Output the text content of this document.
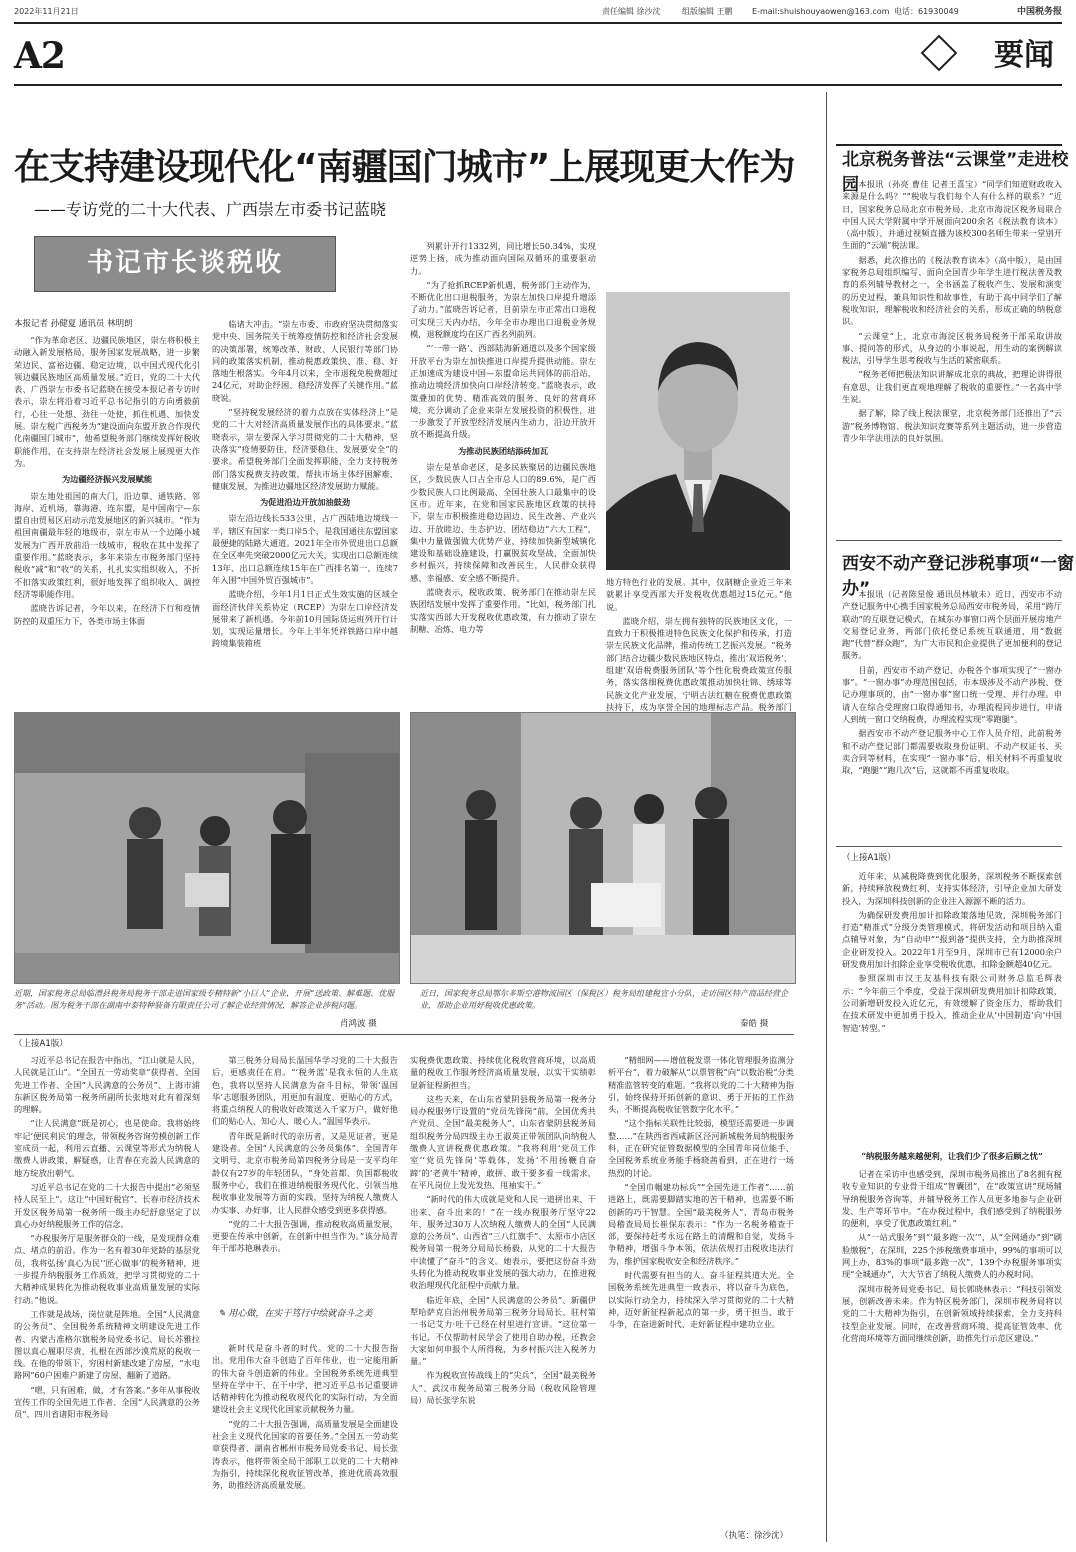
2022年11月21日	责任编辑 徐沙沈	组版编辑 王鹏 E-mail:shuishouyaowen@163.com 电话：61930049	中国税务报
A2	要闻
在支持建设现代化“南疆国门城市”上展现更大作为
——专访党的二十大代表、广西崇左市委书记蓝晓
书记市长谈税收
本报记者 孙健夏 通讯员 林明朗

“作为革命老区、边疆民族地区，崇左将积极主动融入新发展格局，服务国家发展战略，进一步繁荣边民、富裕边疆、稳定边境，以中国式现代化引领边疆民族地区高质量发展。”近日，党的二十大代表、广西崇左市委书记蓝晓在接受本报记者专访时表示，崇左将沿着习近平总书记指引的方向勇毅前行，心往一处想、劲往一处使，抓住机遇、加快发展。崇左税广西税务为“建设面向东盟开放合作现代化南疆国门城市”，他希望税务部门继续发挥好税收职能作用，在支持崇左经济社会发展上展现更大作为。

为边疆经济振兴发展赋能

崇左地处祖国的南大门，沿边靠、通铁路、邻海岸、近机场，靠海港、连东盟，是中国南宁—东盟自由贸易区启动示范发展地区的新兴城市。“作为祖国南疆最年轻的地级市，崇左市从一个边陲小城发展为广西开放前沿一线城市，税收在其中发挥了重要作用。”蓝晓表示，多年来崇左市税务部门坚持税收“减”和“收”的关系，扎扎实实组织收入，不折不扣落实政策红利，很好地发挥了组织收入、调控经济等职能作用。

蓝晓告诉记者，今年以来，在经济下行和疫情防控的双重压力下，各类市场主体面

临诸大冲击。“崇左市委、市政府坚决贯彻落实党中央、国务院关于统筹疫情防控和经济社会发展的决策部署，统筹改革、财政、人民银行等部门协同的政策落实机制，推动税惠政策快、准、稳、好落地生根落实。今年4月以来，全市退税免税费超过24亿元，对助企纾困、稳经济发挥了关键作用。”蓝晓说。

“坚持税发展经济的着力点放在实体经济上”是党的二十大对经济高质量发展作出的具体要求。”蓝晓表示，崇左要深入学习贯彻党的二十大精神，坚决落实“疫情要防住、经济要稳住、发展要安全”的要求。希望税务部门全面发挥职能，全力支持税务部门落实税费支持政策，帮扶市场主体纾困解难、健康发展，为推进边疆地区经济发展助力赋能。

为促进沿边开放加油鼓劲

崇左沿边线长533公里，占广西陆地边境线一半，辖区有国家一类口岸5个，是我国通往东盟国家最便捷的陆路大通道。2021年全市外贸进出口总额在全区率先突破2000亿元大关，实现出口总额连续13年、出口总额连续15年在广西排名第一，连续7年入围“中国外贸百强城市”。

蓝晓介绍，今年1月1日正式生效实施的区域全面经济伙伴关系协定（RCEP）为崇左口岸经济发展带来了新机遇。今年前10月国际货运班列开行计划，实现运量增长。今年上半年凭祥铁路口岸中越跨境集装箱班

列累计开行1332列，同比增长50.34%，实现逆势上扬，成为推动面向国际双循环的重要驱动力。

“为了抢抓RCEP新机遇，税务部门主动作为，不断优化出口退税服务，为崇左加快口岸提升增添了动力。”蓝晓告诉记者，目前崇左市正常出口退税可实现三天内办结，今年全市办理出口退税业务规模，退税额度均在区广西名列前列。

“‘一带一路’、西部陆海新通道以及多个国家级开放平台为崇左加快推进口岸提升提供动能。崇左正加速成为建设中国—东盟命运共同体的前沿站，推动边境经济加快向口岸经济转变。”蓝晓表示，政策叠加的优势、精准高效的服务、良好的营商环境，充分调动了企业来崇左发展投资的积极性，进一步激发了开放型经济发展内生动力，沿边开放开放不断提高升级。

为推动民族团结添砖加瓦

崇左是革命老区，是多民族聚居的边疆民族地区，少数民族人口占全市总人口的89.6%，是广西少数民族人口比例最高、全国壮族人口最集中的设区市。近年来，在党和国家民族地区政策的扶持下，崇左市积极推进稳边固边、民生改善、产业兴边、开放睦边、生态护边、团结稳边“六大工程”，集中力量做强做大优势产业，持续加快新型城镇化建设和基础设施建设，打赢脱贫攻坚战，全面加快乡村振兴，持续保障和改善民生，人民群众获得感、幸福感、安全感不断提升。

蓝晓表示，税收政策、税务部门在推动崇左民族团结发展中发挥了重要作用。“比如，税务部门扎实落实西部大开发税收优惠政策，有力推动了崇左制糖、冶炼、电力等

地方特色行业的发展。其中，仅制糖企业近三年来就累计享受西部大开发税收优惠超过15亿元。”他说。

蓝晓介绍，崇左拥有独特的民族地区文化，一直致力于积极推进特色民族文化保护和传承，打造崇左民族文化品牌，推动传统工艺振兴发展。“税务部门结合边疆少数民族地区特点，推出‘双语税务’、组建‘双语税费服务团队’等个性化税费政策宣传服务，落实落细税费优惠政策推动加快壮锦、绣球等民族文化产业发展，宁明古法红糖在税费优惠政策扶持下，成为享誉全国的地理标志产品。税务部门

近期，国家税务总局临澧县税务局税务干部走进国家级专精特新“小巨人”企业，开展“送政策、解难题、优服务”活动。图为税务干部在湖南中泰特种装备有限责任公司了解企业经营情况，解答企业涉税问题。
肖鸿波 摄
近日，国家税务总局鄂尔多斯空港物流园区（保税区）税务局组建税宣小分队，走访园区特产商品经营企业，帮助企业用好税收优惠政策。
秦皓 摄
（上接A1版）

习近平总书记在报告中指出，“江山就是人民，人民就是江山”。“全国五一劳动奖章”获得者、全国先进工作者、全国“人民满意的公务员”、上海市浦东新区税务局第一税务所副所长张地对此有着深刻的理解。

“让人民满意”既是初心，也是使命。我将始终牢记‘便民利民’的理念，带领税务咨询劳模创新工作室成员一起，利用云直播、云课堂等形式为纳税人缴费人讲政策、解疑惑，让青春在充盈人民满意的地方绽放出朝气。

习近平总书记在党的二十大报告中提出“必须坚持人民至上”。这让“中国好税官”、长春市经济技术开发区税务局第一税务所一级主办纪舒意坚定了以真心办好纳税服务工作的信念。

“办税服务厅是服务群众的一线，是发现群众难点、堵点的前沿。作为一名有着30年党龄的基层党员，我将弘扬‘真心为民’‘匠心做事’的税务精神，进一步提升纳税服务工作质效，把学习贯彻党的二十大精神成果转化为推动税收事业高质量发展的实际行动。”他说。

工作就是战场，岗位就是阵地。全国“人民满意的公务员”、全国税务系统精神文明建设先进工作者、内蒙古准格尔旗税务局党委书记、局长苏雅拉图以真心履职尽责，扎根在西部沙漠荒原的税收一线。在他的带领下，穷困村新建改建了房屋，“水电路网”60户困难户新建了房屋、翻新了道路。

“嗯，只有困难，做，才有答案。”多年从事税收宣传工作的全国先进工作者、全国“人民满意的公务员”、四川省诸阳市税务局

第三税务分局局长温国华学习党的二十大报告后，更感责任在肩。“‘税务蓝’是我永恒的人生底色，我将以坚持人民满意为奋斗目标，带领‘温国华’志愿服务团队，用更加有温度、更贴心的方式，将重点纳税人的税收好政策送入千家万户，做好他们的贴心人、知心人、暖心人。”温国华表示。

青年既是新时代的亲历者，又是见证者，更是建设者。全国“人民满意的公务员集体”、全国青年文明号、北京市税务局第四税务分局是一支平均年龄仅有27岁的年轻团队，“身处首都、负国都税收服务中心，我们在推进纳税服务现代化、引领当地税收事业发展等方面的实践，坚持为纳税人缴费人办实事、办好事，让人民群众感受到更多获得感。

“党的二十大报告强调，推动税收高质量发展，更要在传承中创新，在创新中担当作为。”该分局青年干部苏艳琳表示。

✎ 用心做，在实干笃行中绘就奋斗之美

新时代是奋斗者的时代。党的二十大报告指出，党用伟大奋斗创造了百年伟业，也一定能用新的伟大奋斗创造新的伟业。全国税务系统先进典型坚持在学中干、在干中学，把习近平总书记重要讲话精神转化为推动税收现代化的实际行动，为全面建设社会主义现代化国家贡献税务力量。

“党的二十大报告强调，高质量发展是全面建设社会主义现代化国家的首要任务。”全国五一劳动奖章获得者、湖南省郴州市税务局党委书记、局长张涛表示，他将带领全局干部职工以党的二十大精神为指引，持续深化税收征管改革，推进优质高效服务，助推经济高质量发展。

实税费优惠政策、持续优化税收营商环境，以高质量的税收工作服务经济高质量发展，以实干实绩彰显新征程新担当。

这些天来，在山东省蒙阴县税务局第一税务分局办税服务厅设置的“党员先锋岗”前，全国优秀共产党员、全国“最美税务人”、山东省蒙阴县税务局组织税务分局四级主办王淑英正带领团队向纳税人缴费人宣讲税费优惠政策。“我将利用‘党员工作室’‘党员先锋岗’等载体，发扬‘不用扬鞭自奋蹄’的‘老黄牛’精神，敢拼、敢干要多看一线需求，在平凡岗位上发光发热、甩袖实干。”

“新时代的伟大成就是党和人民一道拼出来、干出来、奋斗出来的！”在一线办税服务厅坚守22年、服务过30万人次纳税人缴费人的全国“人民满意的公务员”、山西省“三八红旗手”、太原市小店区税务局第一税务分局局长杨毅，从党的二十大报告中读懂了“奋斗”的含义。她表示，要把这份奋斗劲头转化为推动税收事业发展的强大动力，在推进税收治理现代化征程中贡献力量。

临近年底，全国“人民满意的公务员”、新疆伊犁哈萨克自治州税务局第三税务分局局长、驻村第一书记艾力·吐干已经在村里进行宣讲。“这位第一书记，不仅帮助村民学会了使用自助办税，还教会大家如何申报个人所得税，为乡村振兴注入税务力量。”

作为税收宣传战线上的“尖兵”，全国“最美税务人”、武汉市税务局第三税务分局（税收风险管理局）局长张学东说

“精细网——增值税发票一体化管理服务监测分析平台”，着力破解从“以票管税”向“以数治税”分类精准监管转变的难题。“我将以党的二十大精神为指引，始终保持开拓创新的意识、勇于开拓的工作劲头，不断提高税收征管数字化水平。”

“这个指标关联性比较弱，模型还需要进一步调整……”在陕西省西咸新区泾河新城税务局纳税服务科，正在研究征管数据模型的全国青年岗位能手、全国税务系统业务能手杨晓茜看到，正在进行一场热烈的讨论。

“全国巾帼建功标兵”“全国先进工作者”……前进路上，既需要脚踏实地的苦干精神，也需要不断创新的巧干智慧。全国“最美税务人”、青岛市税务局稽查局局长崔保东表示：“作为一名税务稽查干部，要保持赶考永远在路上的清醒和自觉，发扬斗争精神，增强斗争本领，依法依规打击税收违法行为，维护国家税收安全和经济秩序。”

时代需要有担当的人。奋斗征程其道大光。全国税务系统先进典型一致表示，将以奋斗为底色，以实际行动全力，持续深入学习贯彻党的二十大精神，迈好新征程新起点的第一步，勇于担当、敢于斗争，在奋进新时代、走好新征程中建功立业。

（执笔：徐沙沈）
北京税务普法“云课堂”走进校园 本报讯（孙亮 曹佳 记者王喜宝）“同学们知道财政收入来源是什么吗？”“税收与我们每个人有什么样的联系？”近日，国家税务总局北京市税务局、北京市海淀区税务局联合中国人民大学附属中学开展面向200余名《税法教育读本》（高中版），并通过视频直播为该校300名师生带来一堂别开生面的“云端”税法课。

据悉，此次推出的《税法教育读本》（高中版），是由国家税务总局组织编写、面向全国青少年学生进行税法普及教育的系列辅导教材之一，全书涵盖了税收产生、发展和演变的历史过程，兼具知识性和故事性，有助于高中同学们了解税收知识，理解税收和经济社会的关系，形成正确的纳税意识。

“云课堂”上，北京市海淀区税务局税务干部采取讲故事、提问答的形式，从身边的小事说起，用生动的案例解读税法，引导学生思考税收与生活的紧密联系。

“税务老师把税法知识讲解成北京的典故，把理论讲得很有意思，让我们更直观地理解了税收的重要性。”一名高中学生说。

据了解，除了线上税法课堂，北京税务部门还推出了“云游”税务博物馆、税法知识竞赛等系列主题活动，进一步营造青少年学法用法的良好氛围。

西安不动产登记涉税事项“一窗办”

本报讯（记者陈星俊 通讯员林敏未）近日，西安市不动产登记服务中心携手国家税务总局西安市税务局，采用“跨厅联动”的互联登记模式，在城东办事窗口两个层面开展房地产交易登记业务，两部门依托登记系统互联通道，用“数据跑”代替“群众跑”，为广大市民和企业提供了更加便利的登记服务。

目前，西安市不动产登记、办税各个事项实现了“一窗办事”。“一窗办事”办理范围包括，市本级涉及不动产涉税、登记办理事项的，由“一窗办事”窗口统一受理、并行办理。申请人在综合受理窗口取得通知书，办理流程同步进行，申请人到统一窗口交纳税费，办理流程实现“零跑腿”。

据西安市不动产登记服务中心工作人员介绍，此前税务和不动产登记部门都需要收取身份证明、不动产权证书、买卖合同等材料，在实现“一窗办事”后，相关材料不再重复收取，“跑腿”“跑几次”后，这就都不再重复收取。

（上接A1版）

近年来，从减税降费到优化服务，深圳税务不断探索创新，持续释放税费红利、支持实体经济，引导企业加大研发投入，为深圳科技创新的企业注入源源不断的活力。

为确保研发费用加计扣除政策落地见效，深圳税务部门打造“精准式”分级分类管理模式，将研发活动和项目纳入重点辅导对象，为“自动申”“报到备”提供支持，全力助推深圳企业研发投入。2022年1月至9月，深圳市已有12000余户研发费用加计扣除企业享受税收优惠，扣除金额超40亿元。

参照深圳市汉王友基科技有限公司财务总监毛辉表示：“今年前三个季度，受益于深圳研发费用加计扣除政策，公司新增研发投入近亿元，有效缓解了资金压力，帮助我们在技术研发中更加勇于投入，推动企业从‘中国制造’向‘中国智造’转型。”

“纳税服务越来越便利，让我们少了很多后顾之忧”

记者在采访中也感受到，深圳市税务局推出了8名拥有税收专业知识的专业骨干组成“智囊团”，在“政策宣讲”现场辅导纳税服务咨询等，并辅导税务工作人员更多地参与企业研发、生产等环节中。“在办税过程中，我们感受到了纳税服务的便利，享受了优惠政策红利。”

从“一站式服务”到“‘最多跑一次’”，从“全网通办”到“刷脸缴税”，在深圳，225个涉税缴费事项中，99%的事项可以网上办，83%的事项“最多跑一次”，139个办税服务事项实现“全城通办”，大大节省了纳税人缴费人的办税时间。

深圳市税务局党委书记、局长郭晓林表示：“科技引领发展，创新改善未来。作为特区税务部门，深圳市税务局将以党的二十大精神为指引，在创新领域持续探索，全力支持科技型企业发展。同时，在改善营商环境、提高征管效率、优化营商环境等方面同继续创新，助推先行示范区建设。”
